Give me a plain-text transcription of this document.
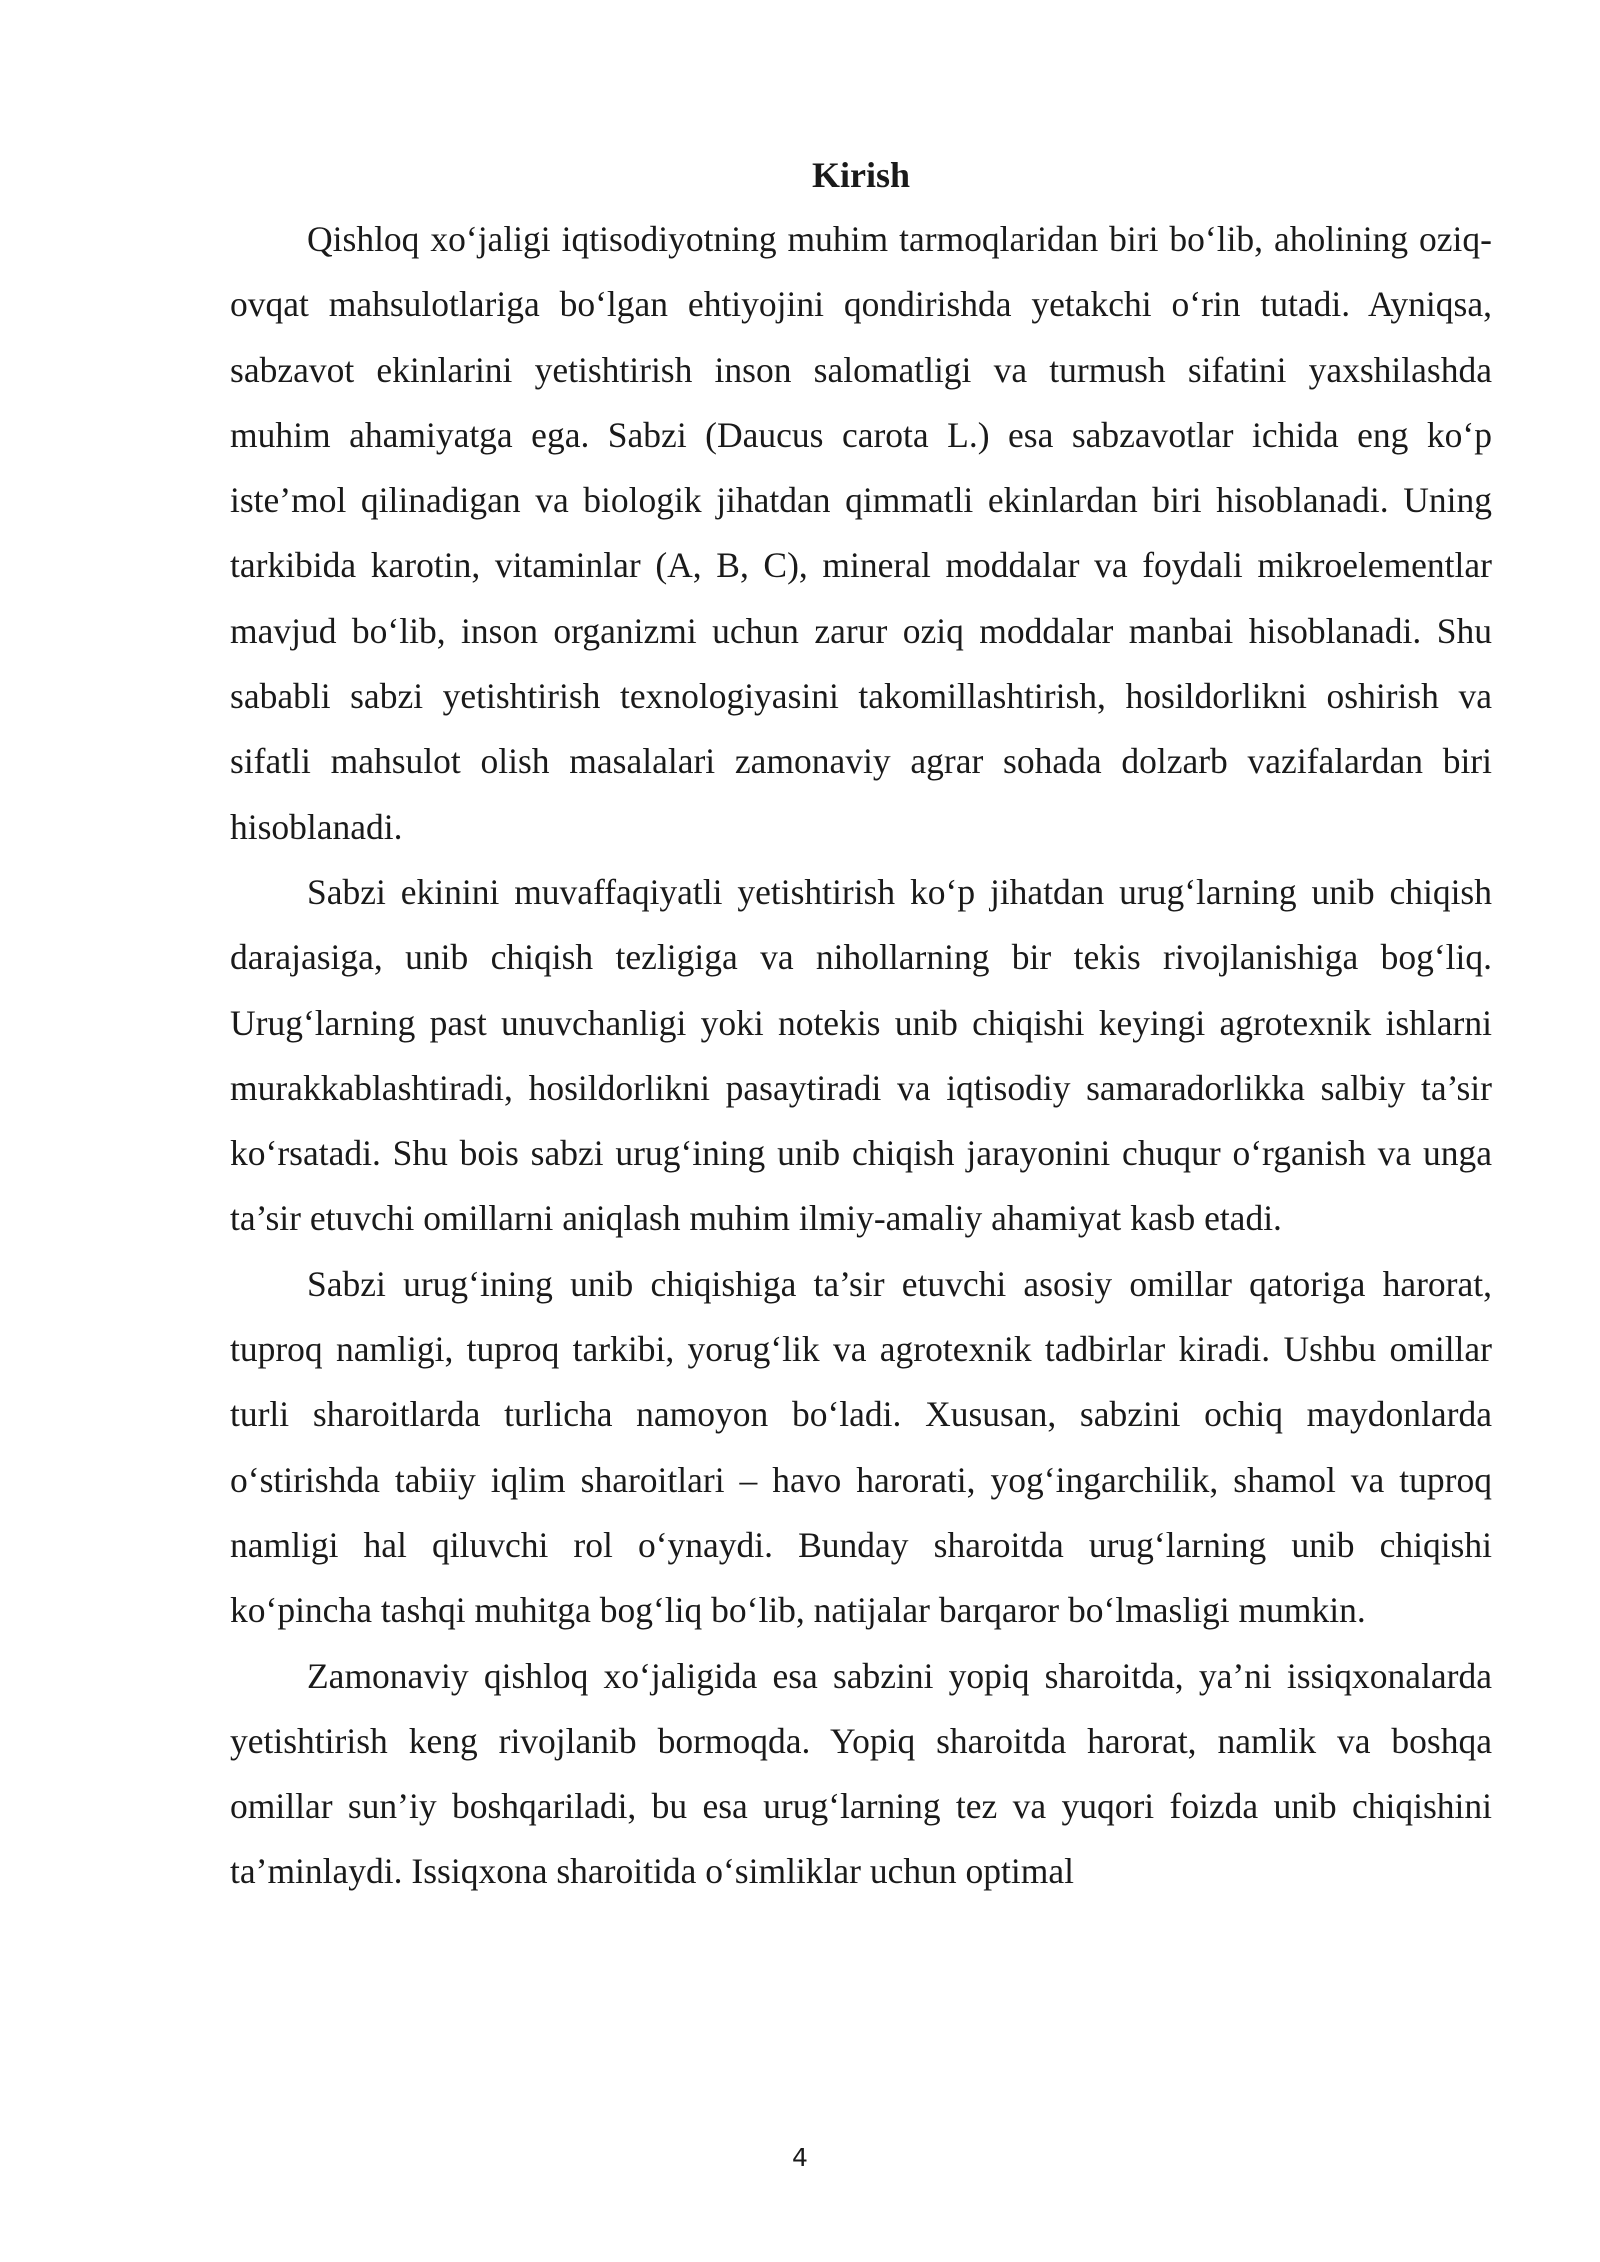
Kirish

Qishloq xo‘jaligi iqtisodiyotning muhim tarmoqlaridan biri bo‘lib, aholining oziq-ovqat mahsulotlariga bo‘lgan ehtiyojini qondirishda yetakchi o‘rin tutadi. Ayniqsa, sabzavot ekinlarini yetishtirish inson salomatligi va turmush sifatini yaxshilashda muhim ahamiyatga ega. Sabzi (Daucus carota L.) esa sabzavotlar ichida eng ko‘p iste’mol qilinadigan va biologik jihatdan qimmatli ekinlardan biri hisoblanadi. Uning tarkibida karotin, vitaminlar (A, B, C), mineral moddalar va foydali mikroelementlar mavjud bo‘lib, inson organizmi uchun zarur oziq moddalar manbai hisoblanadi. Shu sababli sabzi yetishtirish texnologiyasini takomillashtirish, hosildorlikni oshirish va sifatli mahsulot olish masalalari zamonaviy agrar sohada dolzarb vazifalardan biri hisoblanadi.

Sabzi ekinini muvaffaqiyatli yetishtirish ko‘p jihatdan urug‘larning unib chiqish darajasiga, unib chiqish tezligiga va nihollarning bir tekis rivojlanishiga bog‘liq. Urug‘larning past unuvchanligi yoki notekis unib chiqishi keyingi agrotexnik ishlarni murakkablashtiradi, hosildorlikni pasaytiradi va iqtisodiy samaradorlikka salbiy ta’sir ko‘rsatadi. Shu bois sabzi urug‘ining unib chiqish jarayonini chuqur o‘rganish va unga ta’sir etuvchi omillarni aniqlash muhim ilmiy-amaliy ahamiyat kasb etadi.

Sabzi urug‘ining unib chiqishiga ta’sir etuvchi asosiy omillar qatoriga harorat, tuproq namligi, tuproq tarkibi, yorug‘lik va agrotexnik tadbirlar kiradi. Ushbu omillar turli sharoitlarda turlicha namoyon bo‘ladi. Xususan, sabzini ochiq maydonlarda o‘stirishda tabiiy iqlim sharoitlari – havo harorati, yog‘ingarchilik, shamol va tuproq namligi hal qiluvchi rol o‘ynaydi. Bunday sharoitda urug‘larning unib chiqishi ko‘pincha tashqi muhitga bog‘liq bo‘lib, natijalar barqaror bo‘lmasligi mumkin.

Zamonaviy qishloq xo‘jaligida esa sabzini yopiq sharoitda, ya’ni issiqxonalarda yetishtirish keng rivojlanib bormoqda. Yopiq sharoitda harorat, namlik va boshqa omillar sun’iy boshqariladi, bu esa urug‘larning tez va yuqori foizda unib chiqishini ta’minlaydi. Issiqxona sharoitida o‘simliklar uchun optimal

4
